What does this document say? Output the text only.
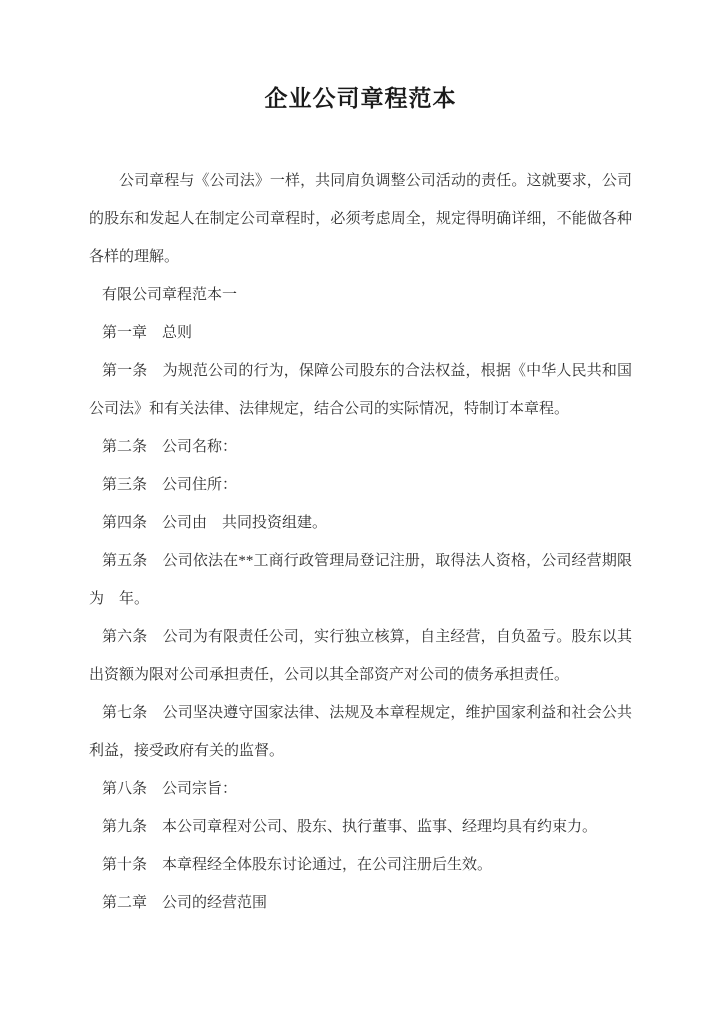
企业公司章程范本

公司章程与《公司法》一样，共同肩负调整公司活动的责任。这就要求，公司的股东和发起人在制定公司章程时，必须考虑周全，规定得明确详细，不能做各种各样的理解。

有限公司章程范本一

第一章　总则

第一条　为规范公司的行为，保障公司股东的合法权益，根据《中华人民共和国公司法》和有关法律、法律规定，结合公司的实际情况，特制订本章程。

第二条　公司名称：

第三条　公司住所：

第四条　公司由　共同投资组建。

第五条　公司依法在**工商行政管理局登记注册，取得法人资格，公司经营期限为　年。

第六条　公司为有限责任公司，实行独立核算，自主经营，自负盈亏。股东以其出资额为限对公司承担责任，公司以其全部资产对公司的债务承担责任。

第七条　公司坚决遵守国家法律、法规及本章程规定，维护国家利益和社会公共利益，接受政府有关的监督。

第八条　公司宗旨：

第九条　本公司章程对公司、股东、执行董事、监事、经理均具有约束力。

第十条　本章程经全体股东讨论通过，在公司注册后生效。

第二章　公司的经营范围
